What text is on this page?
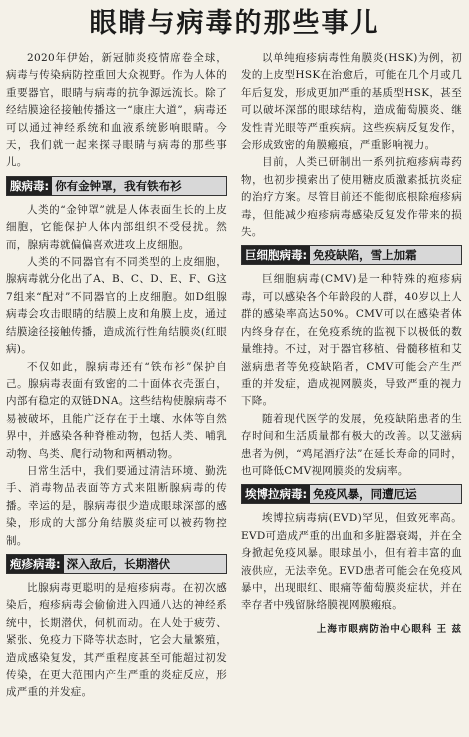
眼睛与病毒的那些事儿

2020年伊始，新冠肺炎疫情席卷全球，病毒与传染病防控重回大众视野。作为人体的重要器官，眼睛与病毒的抗争源远流长。除了经结膜途径接触传播这一“康庄大道”，病毒还可以通过神经系统和血液系统影响眼睛。今天，我们就一起来探寻眼睛与病毒的那些事儿。

腺病毒: 你有金钟罩，我有铁布衫

人类的“金钟罩”就是人体表面生长的上皮细胞，它能保护人体内部组织不受侵扰。然而，腺病毒就偏偏喜欢进攻上皮细胞。

人类的不同器官有不同类型的上皮细胞，腺病毒就分化出了A、B、C、D、E、F、G这7组来“配对”不同器官的上皮细胞。如D组腺病毒会攻击眼睛的结膜上皮和角膜上皮，通过结膜途径接触传播，造成流行性角结膜炎(红眼病)。

不仅如此，腺病毒还有“铁布衫”保护自己。腺病毒表面有致密的二十面体衣壳蛋白，内部有稳定的双链DNA。这些结构使腺病毒不易被破坏，且能广泛存在于土壤、水体等自然界中，并感染各种脊椎动物，包括人类、哺乳动物、鸟类、爬行动物和两栖动物。

日常生活中，我们要通过清洁环境、勤洗手、消毒物品表面等方式来阻断腺病毒的传播。幸运的是，腺病毒很少造成眼球深部的感染，形成的大部分角结膜炎症可以被药物控制。

疱疹病毒: 深入敌后，长期潜伏

比腺病毒更聪明的是疱疹病毒。在初次感染后，疱疹病毒会偷偷进入四通八达的神经系统中，长期潜伏，伺机而动。在人处于疲劳、紧张、免疫力下降等状态时，它会大量繁殖，造成感染复发，其严重程度甚至可能超过初发传染，在更大范围内产生严重的炎症反应，形成严重的并发症。

以单纯疱疹病毒性角膜炎(HSK)为例，初发的上皮型HSK在治愈后，可能在几个月或几年后复发，形成更加严重的基质型HSK，甚至可以破坏深部的眼球结构，造成葡萄膜炎、继发性青光眼等严重疾病。这些疾病反复发作，会形成致密的角膜瘢痕，严重影响视力。

目前，人类已研制出一系列抗疱疹病毒药物，也初步摸索出了使用糖皮质激素抵抗炎症的治疗方案。尽管目前还不能彻底根除疱疹病毒，但能减少疱疹病毒感染反复发作带来的损失。

巨细胞病毒: 免疫缺陷，雪上加霜

巨细胞病毒(CMV)是一种特殊的疱疹病毒，可以感染各个年龄段的人群，40岁以上人群的感染率高达50%。CMV可以在感染者体内终身存在，在免疫系统的监视下以极低的数量维持。不过，对于器官移植、骨髓移植和艾滋病患者等免疫缺陷者，CMV可能会产生严重的并发症，造成视网膜炎，导致严重的视力下降。

随着现代医学的发展，免疫缺陷患者的生存时间和生活质量都有极大的改善。以艾滋病患者为例，“鸡尾酒疗法”在延长寿命的同时，也可降低CMV视网膜炎的发病率。

埃博拉病毒: 免疫风暴，同遭厄运

埃博拉病毒病(EVD)罕见，但致死率高。EVD可造成严重的出血和多脏器衰竭，并在全身掀起免疫风暴。眼球虽小，但有着丰富的血液供应，无法幸免。EVD患者可能会在免疫风暴中，出现眼红、眼痛等葡萄膜炎症状，并在幸存者中残留脉络膜视网膜瘢痕。

上海市眼病防治中心眼科 王 兹
